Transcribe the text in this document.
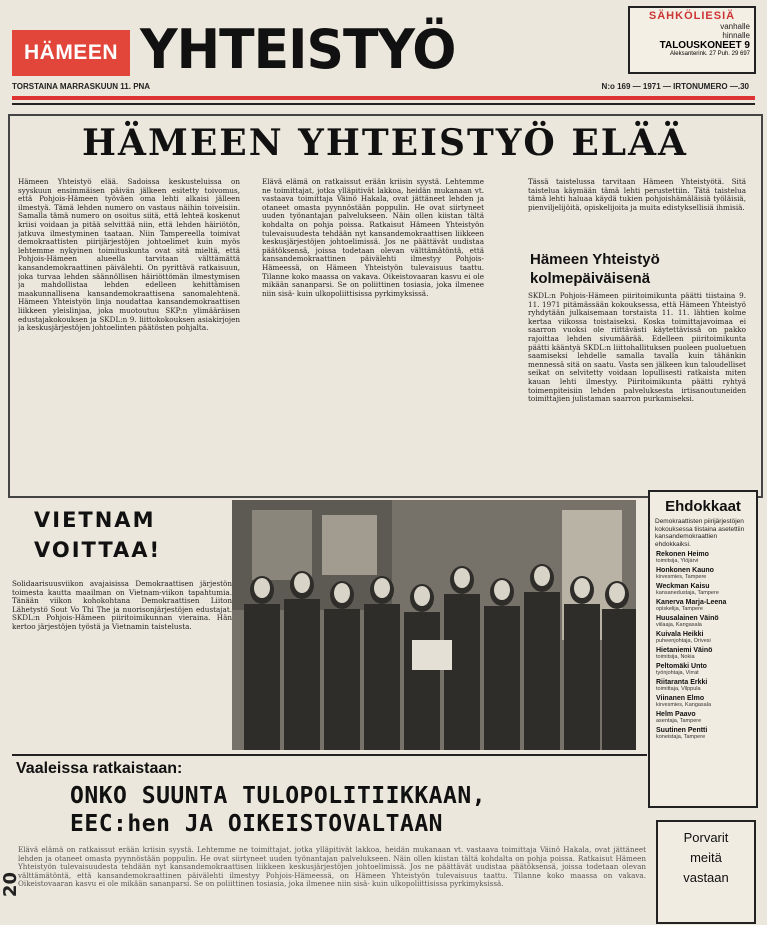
HÄMEEN YHTEISTYÖ
SÄHKÖLIESIÄ
vanhalle
hinnalle
TALOUSKONEET 9
Aleksanterink. 27 Puh. 29 697
TORSTAINA MARRASKUUN 11. PNA	N:o 169 — 1971 — IRTONUMERO —.30
HÄMEEN YHTEISTYÖ ELÄÄ
Hämeen Yhteistyö elää. Sadoissa keskusteluissa on syyskuun ensimmäisen päivän jälkeen esitetty toivomus, että Pohjois-Hämeen työväen oma lehti alkaisi jälleen ilmestyä. Tämä lehden numero on vastaus näihin toiveisiin. Samalla tämä numero on osoitus siitä, että lehteä koskenut kriisi voidaan ja pitää selvittää niin, että lehden häiriötön, jatkuva ilmestyminen taataan. Niin Tampereella toimivat demokraattisten piirijärjestöjen johtoelimet kuin myös lehtemme nykyinen toimituskunta ovat sitä mieltä, että Pohjois-Hämeen alueella tarvitaan välttämättä kansandemokraattinen päivälehti. On pyrittävä ratkaisuun, joka turvaa lehden säännöllisen häiriöttömän ilmestymisen ja mahdollistaa lehden edelleen kehittämisen maakunnallisena kansandemokraattisena sanomalehtenä. Hämeen Yhteistyön linja noudattaa kansandemokraattisen liikkeen yleislinjaa, joka muotoutuu SKP:n ylimääräisen edustajakokouksen ja SKDL:n 9. liittokokouksen asiakirjojen ja keskusjärjestöjen johtoelinten päätösten pohjalta.
Elävä elämä on ratkaissut erään kriisin syystä. Lehtemme ne toimittajat, jotka ylläpitivät lakkoa, heidän mukanaan vt. vastaava toimittaja Väinö Hakala, ovat jättäneet lehden ja otaneet omasta pyynnöstään poppulin. He ovat siirtyneet uuden työnantajan palvelukseen. Näin ollen kiistan tältä kohdalta on pohja poissa. Ratkaisut Hämeen Yhteistyön tulevaisuudesta tehdään nyt kansandemokraattisen liikkeen keskusjärjestöjen johtoelimissä. Jos ne päättävät uudistaa päätöksensä, joissa todetaan olevan välttämätöntä, että kansandemokraattinen päivälehti ilmestyy Pohjois-Hämeessä, on Hämeen Yhteistyön tulevaisuus taattu. Tilanne koko maassa on vakava. Oikeistovaaran kasvu ei ole mikään sananparsi. Se on poliittinen tosiasia, joka ilmenee niin sisä- kuin ulkopoliittisissa pyrkimyksissä.
Tässä taistelussa tarvitaan Hämeen Yhteistyötä. Sitä taistelua käymään tämä lehti perustettiin. Tätä taistelua tämä lehti haluaa käydä tukien pohjoishämäläisiä työläisiä, pienviljelijöitä, opiskelijoita ja muita edistyksellisiä ihmisiä.
Hämeen Yhteistyö kolmepäiväisenä
SKDL:n Pohjois-Hämeen piiritoimikunta päätti tiistaina 9. 11. 1971 pitämässään kokouksessa, että Hämeen Yhteistyö ryhdytään julkaisemaan torstaista 11. 11. lähtien kolme kertaa viikossa toistaiseksi. Koska toimittajavoimaa ei saarron vuoksi ole riittävästi käytettävissä on pakko rajoittaa lehden sivumäärää. Edelleen piiritoimikunta päätti kääntyä SKDL:n liittohallituksen puoleen puoluetuen saamiseksi lehdelle samalla tavalla kuin tähänkin mennessä sitä on saatu. Vasta sen jälkeen kun taloudelliset seikat on selvitetty voidaan lopullisesti ratkaista miten kauan lehti ilmestyy. Piiritoimikunta päätti ryhtyä toimenpiteisiin lehden palveluksesta irtisanoutuneiden toimittajien julistaman saarron purkamiseksi.
VIETNAM
VOITTAA!
Solidaarisuusviikon avajaisissa Demokraattisen järjestön toimesta kautta maailman on Vietnam-viikon tapahtumia. Tänään viikon kohokohtana Demokraattisen Liiton Lähetystö Sout Vo Thi The ja nuorisonjärjestöjen edustajat. SKDL:n Pohjois-Hämeen piiritoimikunnan vieraina. Hän kertoo järjestöjen työstä ja Vietnamin taistelusta.
Ehdokkaat
Demokraattisten piirijärjestöjen kokouksessa tiistaina asetettiin kansandemokraattien ehdokkaiksi.
Rekonen Heimo
toimitsija, Ylöjärvi
Honkonen Kauno
kirvesmies, Tampere
Weckman Kaisu
kansanedustaja, Tampere
Kanerva Marja-Leena
opiskelija, Tampere
Huusalainen Väinö
viilaaja, Kangasala
Kuivala Heikki
puheenjohtaja, Orivesi
Hietaniemi Väinö
toimitsija, Nokia
Peltomäki Unto
työnjohtaja, Virrat
Riitaranta Erkki
toimittaja, Vilppula
Viinanen Elmo
kirvesmies, Kangasala
Helm Paavo
asentaja, Tampere
Suutinen Pentti
koneistaja, Tampere
Vaaleissa ratkaistaan:
ONKO SUUNTA TULOPOLITIIKKAAN,
EEC:hen JA OIKEISTOVALTAAN
Elävä elämä on ratkaissut erään kriisin syystä. Lehtemme ne toimittajat, jotka ylläpitivät lakkoa, heidän mukanaan vt. vastaava toimittaja Väinö Hakala, ovat jättäneet lehden ja otaneet omasta pyynnöstään poppulin. He ovat siirtyneet uuden työnantajan palvelukseen. Näin ollen kiistan tältä kohdalta on pohja poissa. Ratkaisut Hämeen Yhteistyön tulevaisuudesta tehdään nyt kansandemokraattisen liikkeen keskusjärjestöjen johtoelimissä. Jos ne päättävät uudistaa päätöksensä, joissa todetaan olevan välttämätöntä, että kansandemokraattinen päivälehti ilmestyy Pohjois-Hämeessä, on Hämeen Yhteistyön tulevaisuus taattu. Tilanne koko maassa on vakava. Oikeistovaaran kasvu ei ole mikään sananparsi. Se on poliittinen tosiasia, joka ilmenee niin sisä- kuin ulkopoliittisissa pyrkimyksissä.
Porvarit
meitä
vastaan
20
